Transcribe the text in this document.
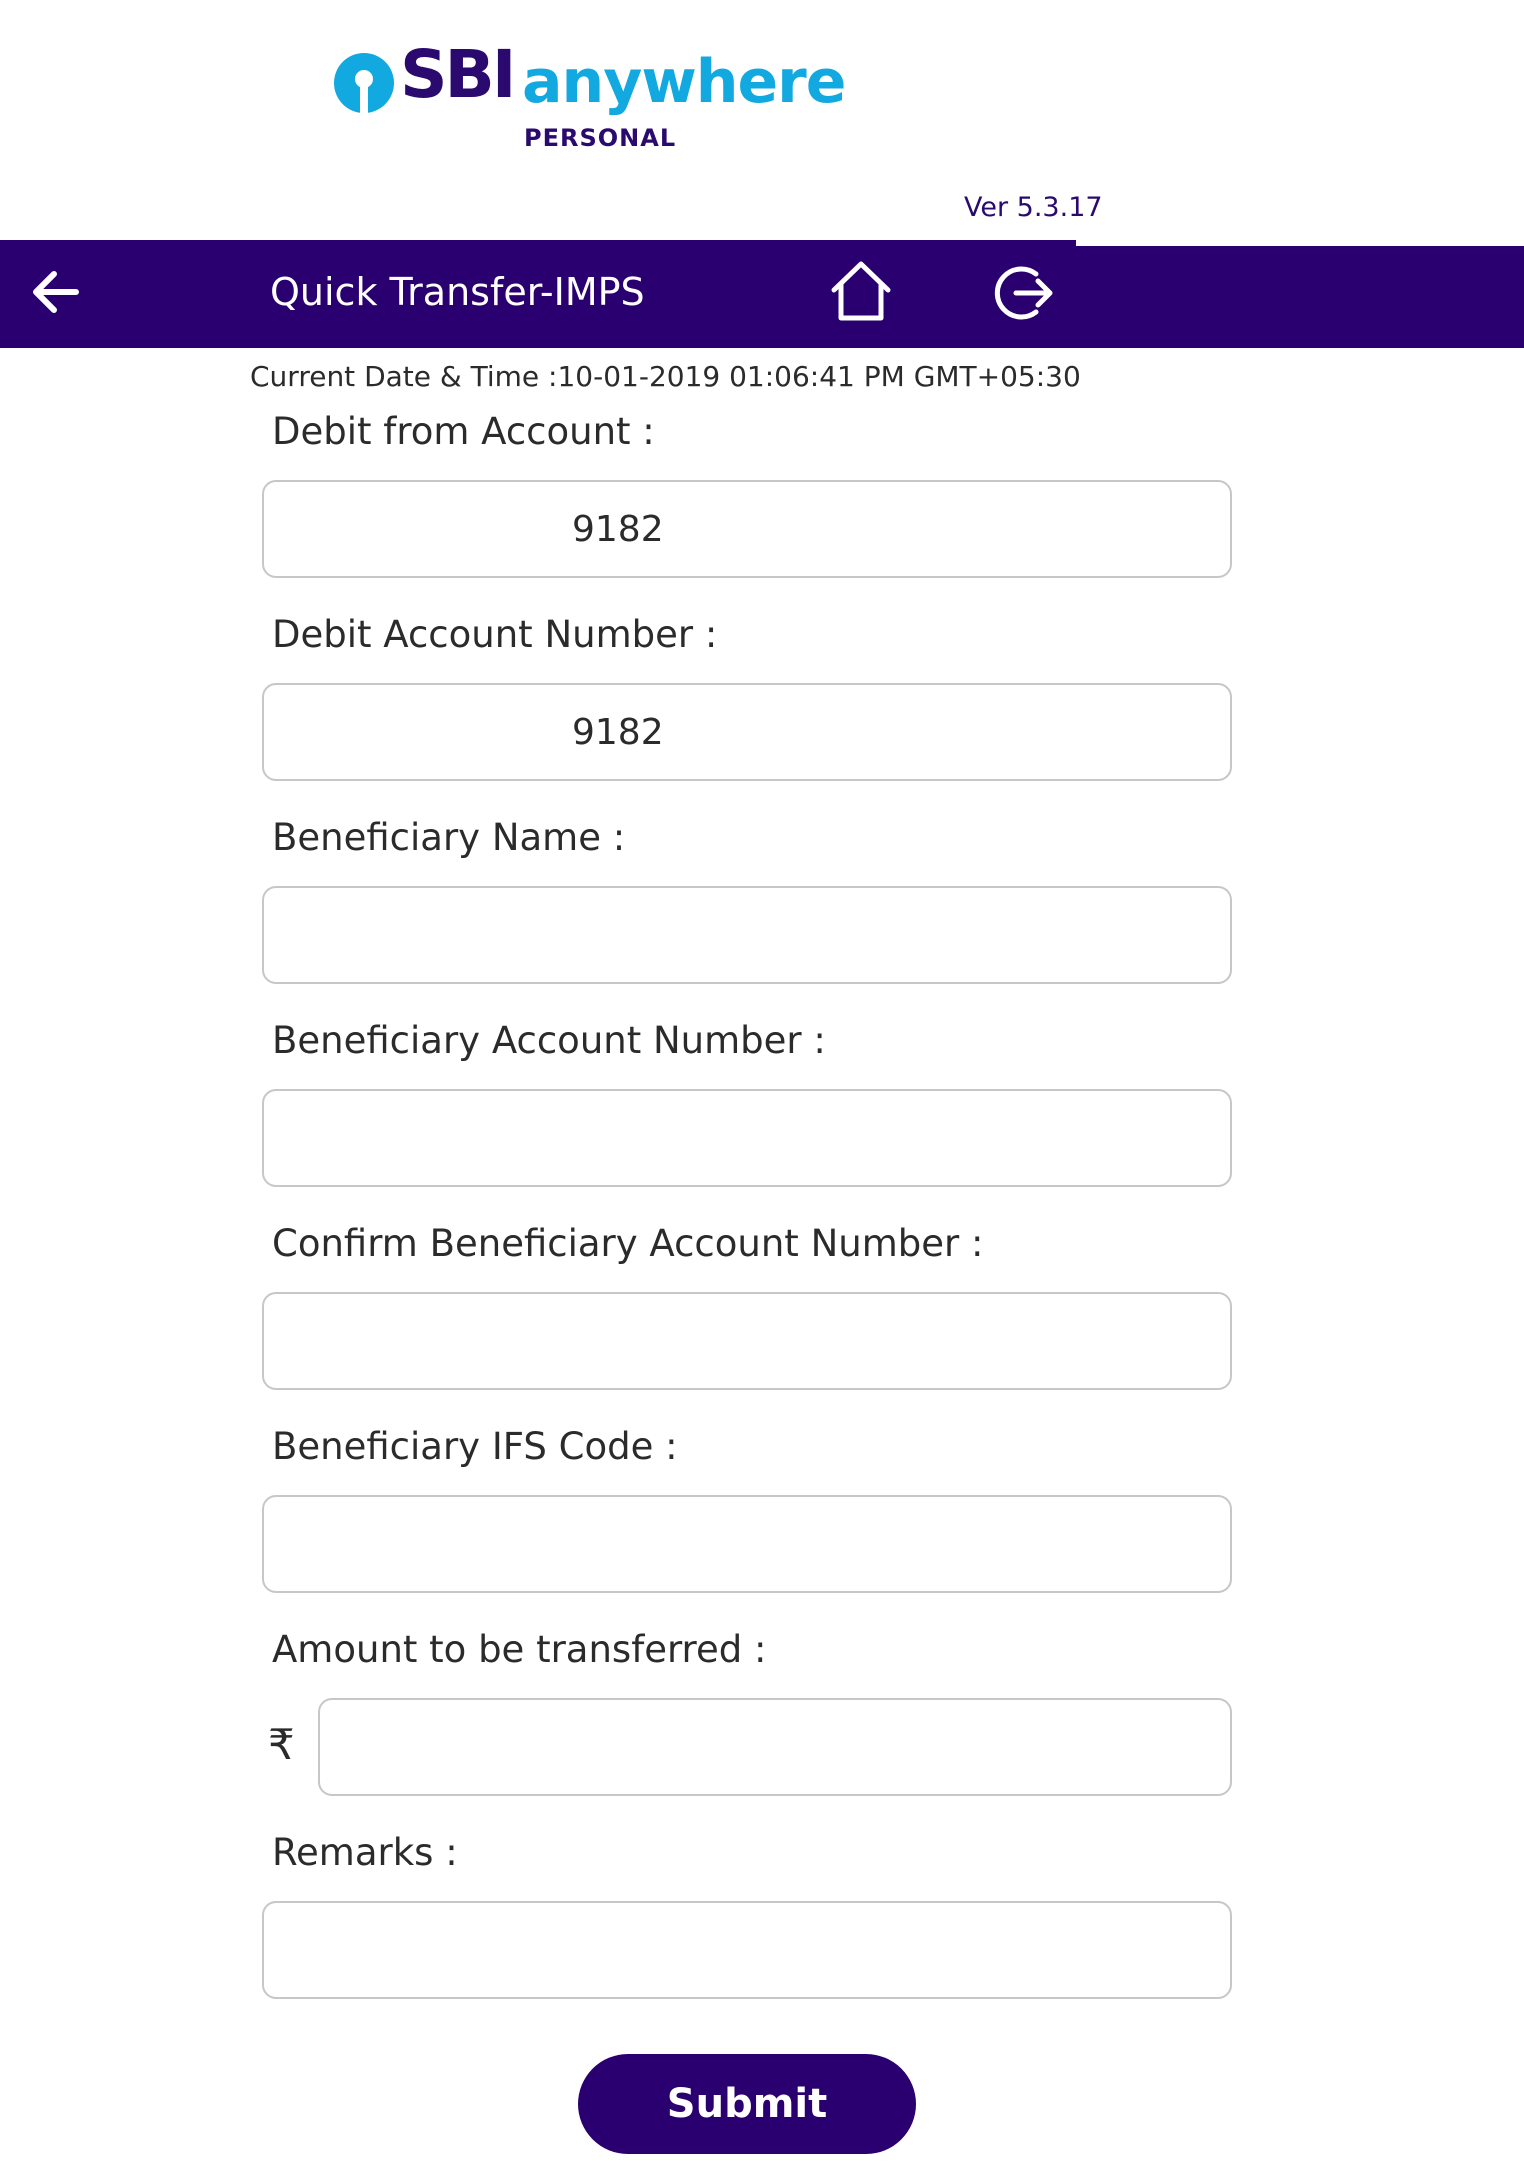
SBI anywhere
PERSONAL
Ver 5.3.17
Quick Transfer-IMPS
Current Date & Time :10-01-2019 01:06:41 PM GMT+05:30
Debit from Account :
9182
Debit Account Number :
9182
Beneficiary Name :
Beneficiary Account Number :
Confirm Beneficiary Account Number :
Beneficiary IFS Code :
Amount to be transferred :
₹
Remarks :
Submit
